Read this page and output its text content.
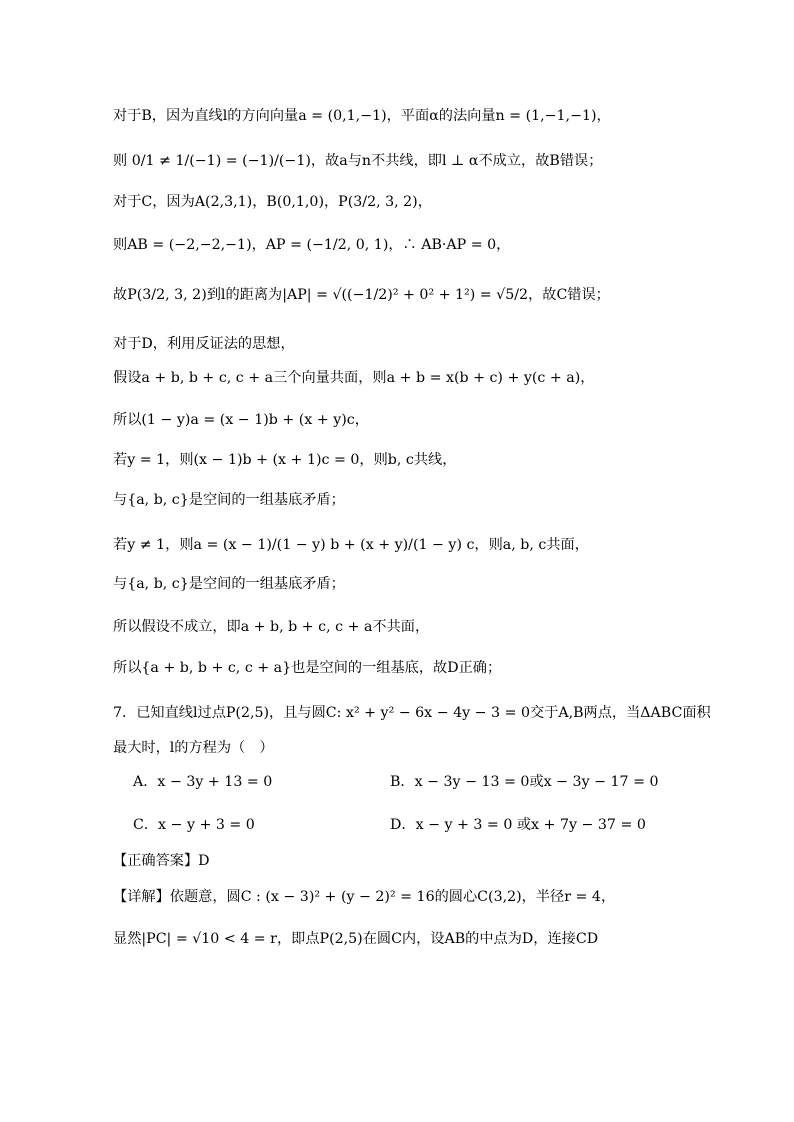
对于B，因为直线l的方向向量a = (0,1,−1)，平面α的法向量n = (1,−1,−1)，
则 0/1 ≠ 1/(−1) = (−1)/(−1)，故a与n不共线，即l ⊥ α不成立，故B错误；
对于C，因为A(2,3,1)，B(0,1,0)，P(3/2, 3, 2)，
则AB = (−2,−2,−1)，AP = (−1/2, 0, 1)，∴ AB·AP = 0，
故P(3/2, 3, 2)到l的距离为|AP| = √((−1/2)² + 0² + 1²) = √5/2，故C错误；
对于D，利用反证法的思想，
假设a + b, b + c, c + a三个向量共面，则a + b = x(b + c) + y(c + a)，
所以(1 − y)a = (x − 1)b + (x + y)c，
若y = 1，则(x − 1)b + (x + 1)c = 0，则b, c共线，
与{a, b, c}是空间的一组基底矛盾；
若y ≠ 1，则a = (x − 1)/(1 − y) b + (x + y)/(1 − y) c，则a, b, c共面，
与{a, b, c}是空间的一组基底矛盾；
所以假设不成立，即a + b, b + c, c + a不共面，
所以{a + b, b + c, c + a}也是空间的一组基底，故D正确；
7．已知直线l过点P(2,5)，且与圆C: x² + y² − 6x − 4y − 3 = 0交于A,B两点，当ΔABC面积
最大时，l的方程为（　）
A．x − 3y + 13 = 0	B．x − 3y − 13 = 0或x − 3y − 17 = 0
C．x − y + 3 = 0	D．x − y + 3 = 0 或x + 7y − 37 = 0
【正确答案】D
【详解】依题意，圆C : (x − 3)² + (y − 2)² = 16的圆心C(3,2)，半径r = 4，
显然|PC| = √10 < 4 = r，即点P(2,5)在圆C内，设AB的中点为D，连接CD
